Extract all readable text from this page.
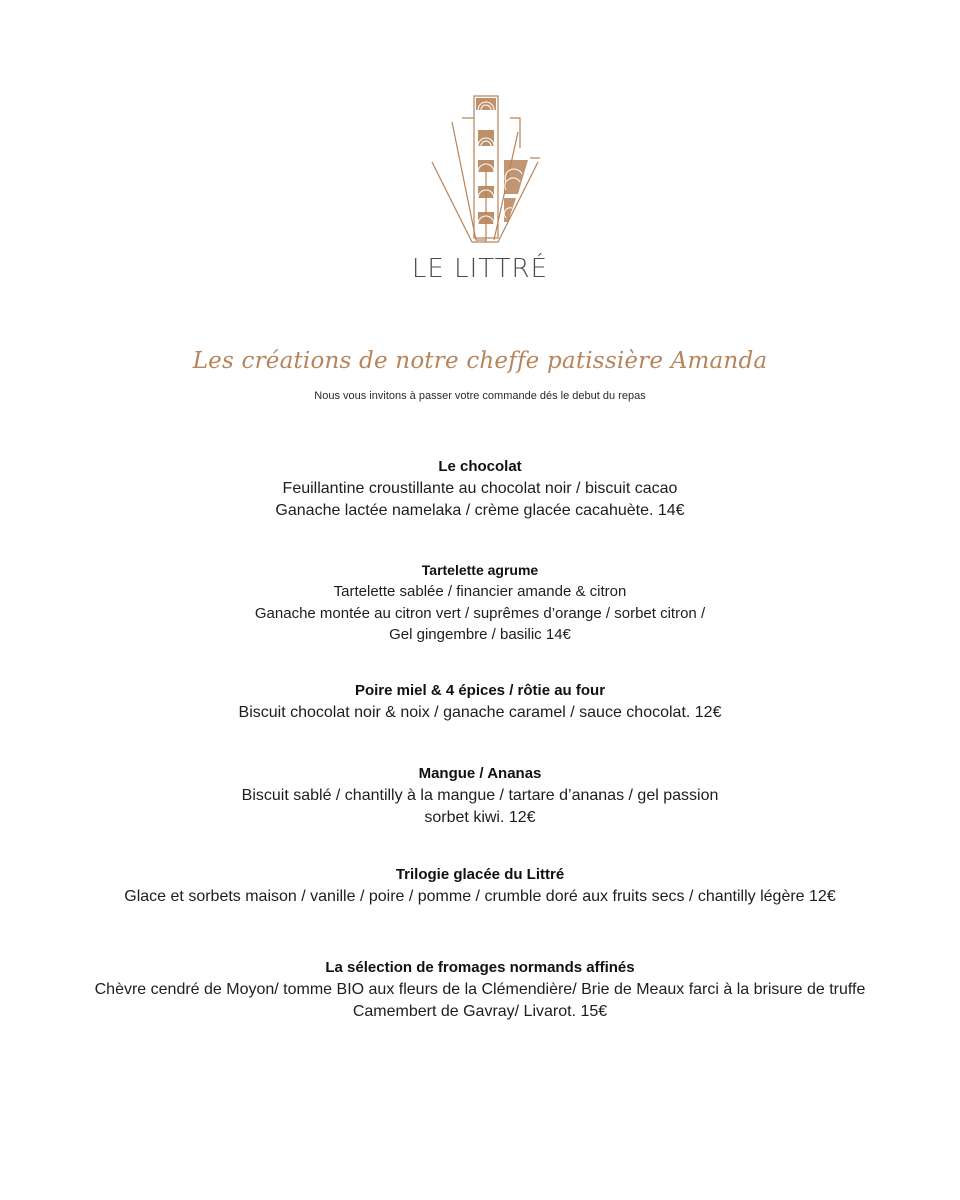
LE LITTRÉ
Les créations de notre cheffe patissière Amanda
Nous vous invitons à passer votre commande dés le debut du repas
Le chocolat
Feuillantine croustillante au chocolat noir / biscuit cacao
Ganache lactée namelaka / crème glacée cacahuète. 14€
Tartelette agrume
Tartelette sablée / financier amande & citron
Ganache montée au citron vert / suprêmes d’orange / sorbet citron /
Gel gingembre / basilic 14€
Poire miel & 4 épices / rôtie au four
Biscuit chocolat noir & noix / ganache caramel / sauce chocolat. 12€
Mangue / Ananas
Biscuit sablé / chantilly à la mangue / tartare d’ananas / gel passion
sorbet kiwi. 12€
Trilogie glacée du Littré
Glace et sorbets maison / vanille / poire / pomme / crumble doré aux fruits secs / chantilly légère 12€
La sélection de fromages normands affinés
Chèvre cendré de Moyon/ tomme BIO aux fleurs de la Clémendière/ Brie de Meaux farci à la brisure de truffe
Camembert de Gavray/ Livarot. 15€
